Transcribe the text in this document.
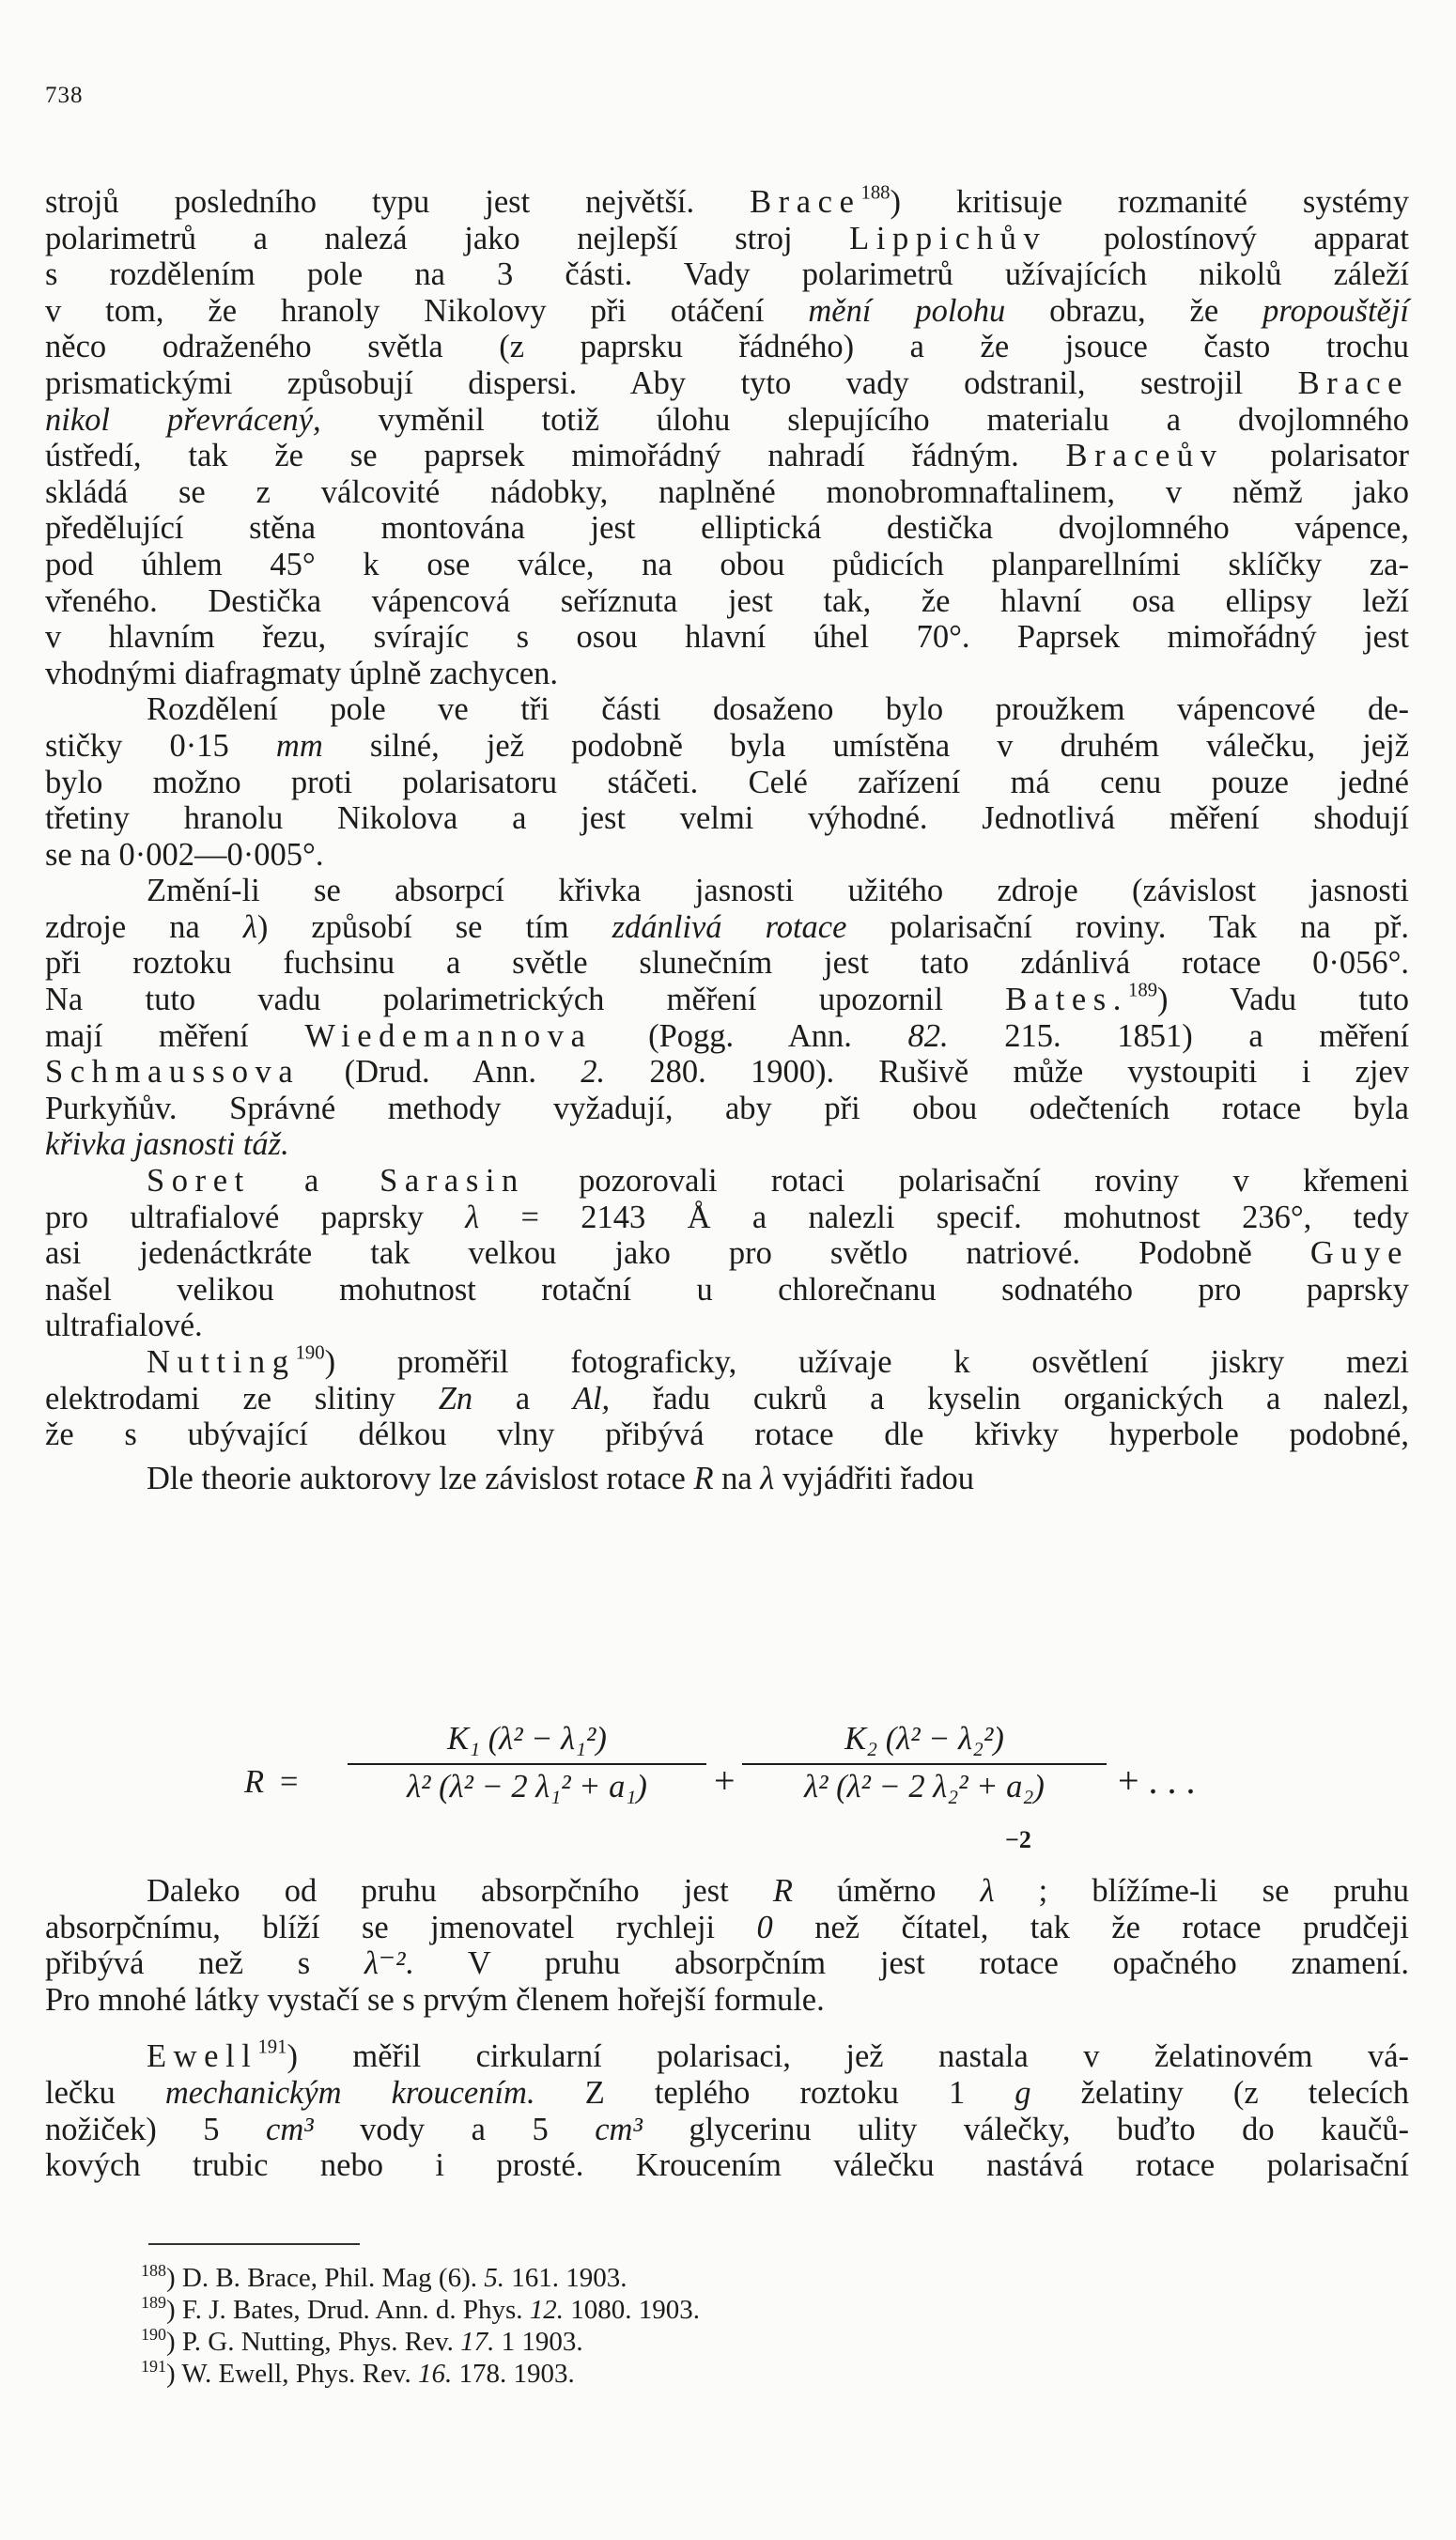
738

strojů posledního typu jest největší. Brace$^{188}$) kritisuje rozmanité systémy

polarimetrů a nalezá jako nejlepší stroj Lippichův polostínový apparat

s rozdělením pole na 3 části. Vady polarimetrů užívajících nikolů záleží

v tom, že hranoly Nikolovy při otáčení mění polohu obrazu, že propouštějí

něco odraženého světla (z paprsku řádného) a že jsouce často trochu

prismatickými způsobují dispersi. Aby tyto vady odstranil, sestrojil Brace

nikol převrácený, vyměnil totiž úlohu slepujícího materialu a dvojlomného

ústředí, tak že se paprsek mimořádný nahradí řádným. Braceův polarisator

skládá se z válcovité nádobky, naplněné monobromnaftalinem, v němž jako

předělující stěna montována jest elliptická destička dvojlomného vápence,

pod úhlem 45° k ose válce, na obou půdicích planparellními sklíčky za-

vřeného. Destička vápencová seříznuta jest tak, že hlavní osa ellipsy leží

v hlavním řezu, svírajíc s osou hlavní úhel 70°. Paprsek mimořádný jest

vhodnými diafragmaty úplně zachycen.

Rozdělení pole ve tři části dosaženo bylo proužkem vápencové de-

stičky 0·15 mm silné, jež podobně byla umístěna v druhém válečku, jejž

bylo možno proti polarisatoru stáčeti. Celé zařízení má cenu pouze jedné

třetiny hranolu Nikolova a jest velmi výhodné. Jednotlivá měření shodují

se na 0·002—0·005°.

Změní-li se absorpcí křivka jasnosti užitého zdroje (závislost jasnosti

zdroje na λ) způsobí se tím zdánlivá rotace polarisační roviny. Tak na př.

při roztoku fuchsinu a světle slunečním jest tato zdánlivá rotace 0·056°.

Na tuto vadu polarimetrických měření upozornil Bates.$^{189}$) Vadu tuto

mají měření Wiedemannova (Pogg. Ann. 82. 215. 1851) a měření

Schmaussova (Drud. Ann. 2. 280. 1900). Rušivě může vystoupiti i zjev

Purkyňův. Správné methody vyžadují, aby při obou odečteních rotace byla

křivka jasnosti táž.

Soret a Sarasin pozorovali rotaci polarisační roviny v křemeni

pro ultrafialové paprsky λ = 2143 Å a nalezli specif. mohutnost 236°, tedy

asi jedenáctkráte tak velkou jako pro světlo natriové. Podobně Guye

našel velikou mohutnost rotační u chlorečnanu sodnatého pro paprsky

ultrafialové.

Nutting$^{190}$) proměřil fotograficky, užívaje k osvětlení jiskry mezi

elektrodami ze slitiny Zn a Al, řadu cukrů a kyselin organických a nalezl,

že s ubývající délkou vlny přibývá rotace dle křivky hyperbole podobné,

Dle theorie auktorovy lze závislost rotace R na λ vyjádřiti řadou

R =
K₁ (λ² − λ₁²)
λ² (λ² − 2 λ₁² + a₁)	+
K₂ (λ² − λ₂²)
λ² (λ² − 2 λ₂² + a₂)	+ . . .
−2

Daleko od pruhu absorpčního jest R úměrno λ ; blížíme-li se pruhu

absorpčnímu, blíží se jmenovatel rychleji 0 než čítatel, tak že rotace prudčeji

přibývá než s λ⁻². V pruhu absorpčním jest rotace opačného znamení.

Pro mnohé látky vystačí se s prvým členem hořejší formule.

Ewell$^{191}$) měřil cirkularní polarisaci, jež nastala v želatinovém vá-

lečku mechanickým kroucením. Z teplého roztoku 1 g želatiny (z telecích

nožiček) 5 cm³ vody a 5 cm³ glycerinu ulity válečky, buďto do kaučů-

kových trubic nebo i prosté. Kroucením válečku nastává rotace polarisační

$^{188}$) D. B. Brace, Phil. Mag (6). 5. 161. 1903.

$^{189}$) F. J. Bates, Drud. Ann. d. Phys. 12. 1080. 1903.

$^{190}$) P. G. Nutting, Phys. Rev. 17. 1 1903.

$^{191}$) W. Ewell, Phys. Rev. 16. 178. 1903.
